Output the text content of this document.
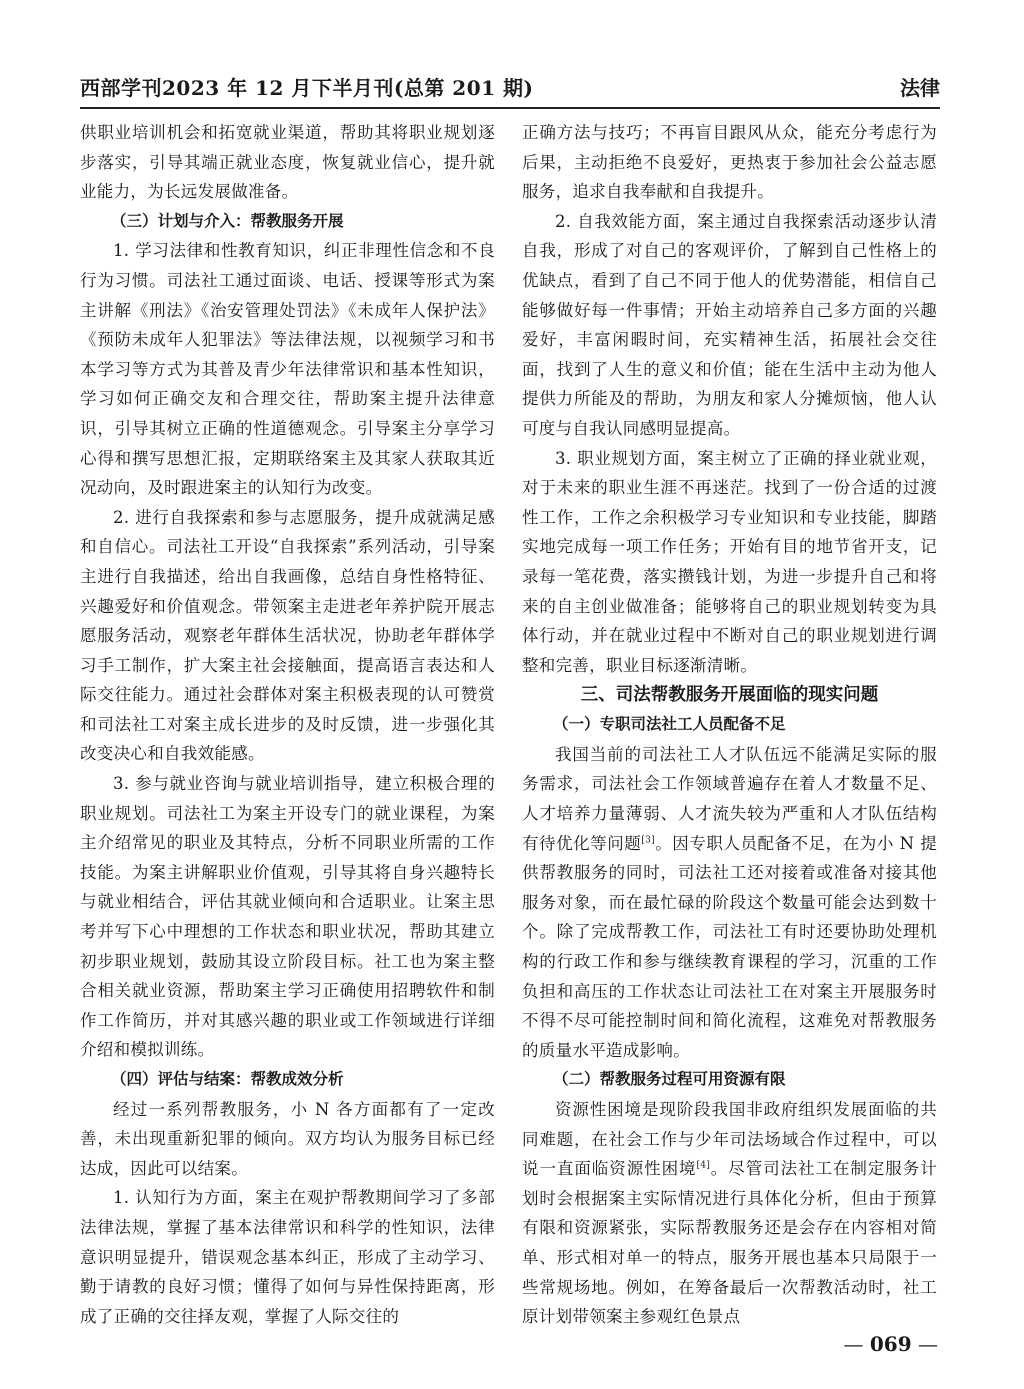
西部学刊2023 年 12 月下半月刊(总第 201 期)	法律

供职业培训机会和拓宽就业渠道，帮助其将职业规划逐步落实，引导其端正就业态度，恢复就业信心，提升就业能力，为长远发展做准备。

（三）计划与介入：帮教服务开展

1. 学习法律和性教育知识，纠正非理性信念和不良行为习惯。司法社工通过面谈、电话、授课等形式为案主讲解《刑法》《治安管理处罚法》《未成年人保护法》《预防未成年人犯罪法》等法律法规，以视频学习和书本学习等方式为其普及青少年法律常识和基本性知识，学习如何正确交友和合理交往，帮助案主提升法律意识，引导其树立正确的性道德观念。引导案主分享学习心得和撰写思想汇报，定期联络案主及其家人获取其近况动向，及时跟进案主的认知行为改变。

2. 进行自我探索和参与志愿服务，提升成就满足感和自信心。司法社工开设“自我探索”系列活动，引导案主进行自我描述，给出自我画像，总结自身性格特征、兴趣爱好和价值观念。带领案主走进老年养护院开展志愿服务活动，观察老年群体生活状况，协助老年群体学习手工制作，扩大案主社会接触面，提高语言表达和人际交往能力。通过社会群体对案主积极表现的认可赞赏和司法社工对案主成长进步的及时反馈，进一步强化其改变决心和自我效能感。

3. 参与就业咨询与就业培训指导，建立积极合理的职业规划。司法社工为案主开设专门的就业课程，为案主介绍常见的职业及其特点，分析不同职业所需的工作技能。为案主讲解职业价值观，引导其将自身兴趣特长与就业相结合，评估其就业倾向和合适职业。让案主思考并写下心中理想的工作状态和职业状况，帮助其建立初步职业规划，鼓励其设立阶段目标。社工也为案主整合相关就业资源，帮助案主学习正确使用招聘软件和制作工作简历，并对其感兴趣的职业或工作领域进行详细介绍和模拟训练。

（四）评估与结案：帮教成效分析

经过一系列帮教服务，小 N 各方面都有了一定改善，未出现重新犯罪的倾向。双方均认为服务目标已经达成，因此可以结案。

1. 认知行为方面，案主在观护帮教期间学习了多部法律法规，掌握了基本法律常识和科学的性知识，法律意识明显提升，错误观念基本纠正，形成了主动学习、勤于请教的良好习惯；懂得了如何与异性保持距离，形成了正确的交往择友观，掌握了人际交往的

正确方法与技巧；不再盲目跟风从众，能充分考虑行为后果，主动拒绝不良爱好，更热衷于参加社会公益志愿服务，追求自我奉献和自我提升。

2. 自我效能方面，案主通过自我探索活动逐步认清自我，形成了对自己的客观评价，了解到自己性格上的优缺点，看到了自己不同于他人的优势潜能，相信自己能够做好每一件事情；开始主动培养自己多方面的兴趣爱好，丰富闲暇时间，充实精神生活，拓展社会交往面，找到了人生的意义和价值；能在生活中主动为他人提供力所能及的帮助，为朋友和家人分摊烦恼，他人认可度与自我认同感明显提高。

3. 职业规划方面，案主树立了正确的择业就业观，对于未来的职业生涯不再迷茫。找到了一份合适的过渡性工作，工作之余积极学习专业知识和专业技能，脚踏实地完成每一项工作任务；开始有目的地节省开支，记录每一笔花费，落实攒钱计划，为进一步提升自己和将来的自主创业做准备；能够将自己的职业规划转变为具体行动，并在就业过程中不断对自己的职业规划进行调整和完善，职业目标逐渐清晰。

三、司法帮教服务开展面临的现实问题

（一）专职司法社工人员配备不足

我国当前的司法社工人才队伍远不能满足实际的服务需求，司法社会工作领域普遍存在着人才数量不足、人才培养力量薄弱、人才流失较为严重和人才队伍结构有待优化等问题[3]。因专职人员配备不足，在为小 N 提供帮教服务的同时，司法社工还对接着或准备对接其他服务对象，而在最忙碌的阶段这个数量可能会达到数十个。除了完成帮教工作，司法社工有时还要协助处理机构的行政工作和参与继续教育课程的学习，沉重的工作负担和高压的工作状态让司法社工在对案主开展服务时不得不尽可能控制时间和简化流程，这难免对帮教服务的质量水平造成影响。

（二）帮教服务过程可用资源有限

资源性困境是现阶段我国非政府组织发展面临的共同难题，在社会工作与少年司法场域合作过程中，可以说一直面临资源性困境[4]。尽管司法社工在制定服务计划时会根据案主实际情况进行具体化分析，但由于预算有限和资源紧张，实际帮教服务还是会存在内容相对简单、形式相对单一的特点，服务开展也基本只局限于一些常规场地。例如，在筹备最后一次帮教活动时，社工原计划带领案主参观红色景点

— 069 —
